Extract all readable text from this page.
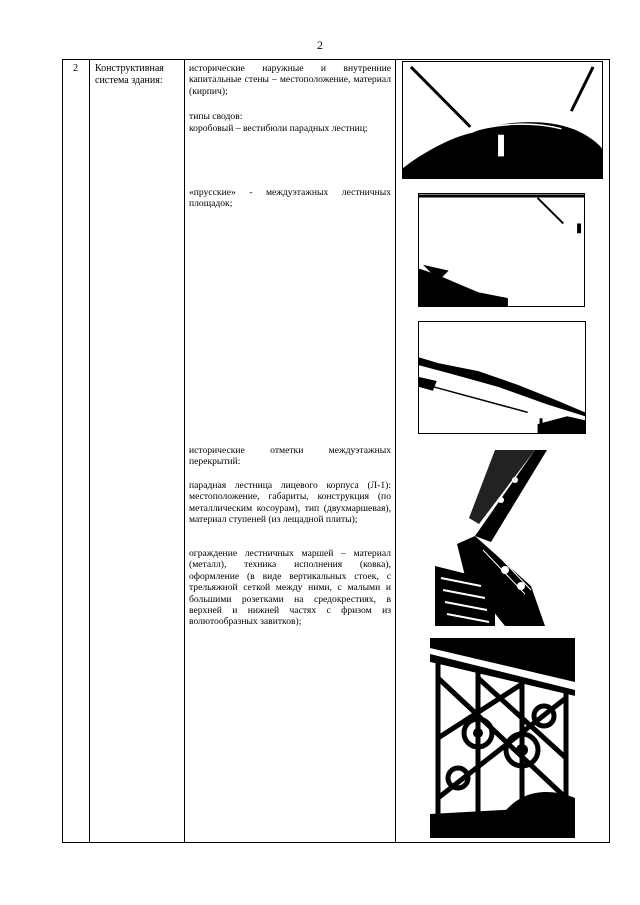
2
2 Конструктивная система здания:

исторические наружные и внутренние капитальные стены – местоположение, материал (кирпич);

типы сводов:

коробовый – вестибюли парадных лестниц;

«прусские» - междуэтажных лестничных площадок;

исторические отметки междуэтажных перекрытий:

парадная лестница лицевого корпуса (Л-1): местоположение, габариты, конструкция (по металлическим косоурам), тип (двухмаршевая), материал ступеней (из лещадной плиты);

ограждение лестничных маршей – материал (металл), техника исполнения (ковка), оформление (в виде вертикальных стоек, с трельяжной сеткой между ними, с малыми и большими розетками на средокрестиях, в верхней и нижней частях с фризом из волютообразных завитков);
